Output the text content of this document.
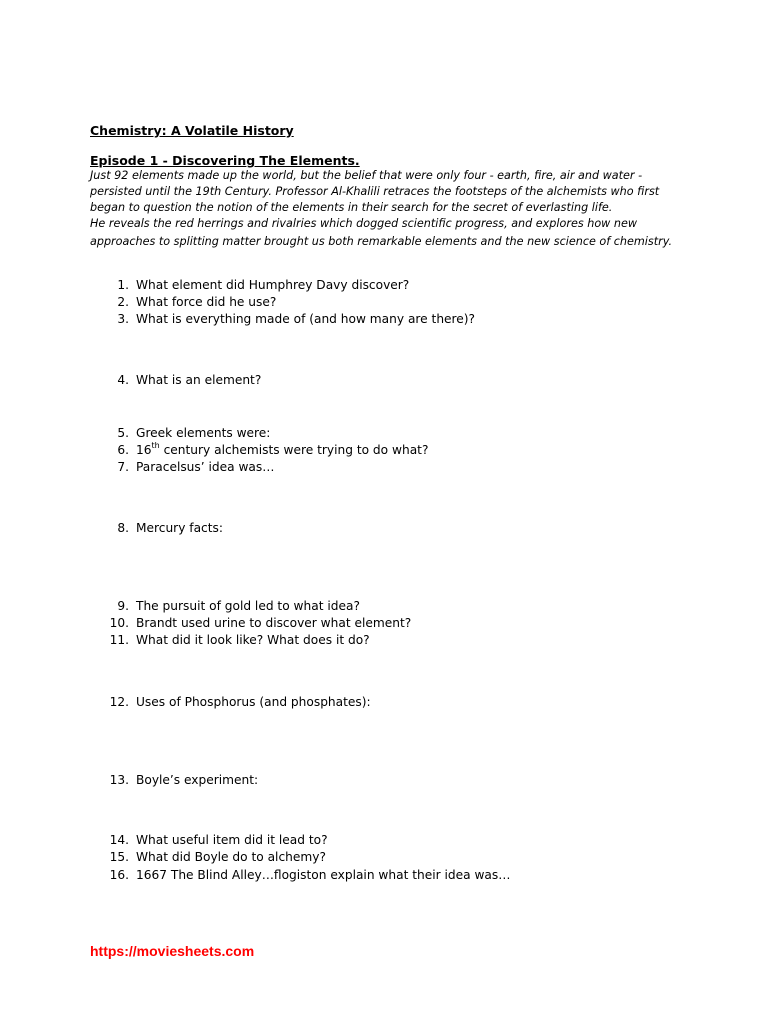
Chemistry: A Volatile History
Episode 1 - Discovering The Elements.

Just 92 elements made up the world, but the belief that were only four - earth, fire, air and water - persisted until the 19th Century. Professor Al-Khalili retraces the footsteps of the alchemists who first began to question the notion of the elements in their search for the secret of everlasting life.

He reveals the red herrings and rivalries which dogged scientific progress, and explores how new approaches to splitting matter brought us both remarkable elements and the new science of chemistry.

1. What element did Humphrey Davy discover?
2. What force did he use?
3. What is everything made of (and how many are there)?
4. What is an element?
5. Greek elements were:
6. 16th century alchemists were trying to do what?
7. Paracelsus’ idea was…
8. Mercury facts:
9. The pursuit of gold led to what idea?
10. Brandt used urine to discover what element?
11. What did it look like? What does it do?
12. Uses of Phosphorus (and phosphates):
13. Boyle’s experiment:
14. What useful item did it lead to?
15. What did Boyle do to alchemy?
16. 1667 The Blind Alley…flogiston explain what their idea was…
https://moviesheets.com
